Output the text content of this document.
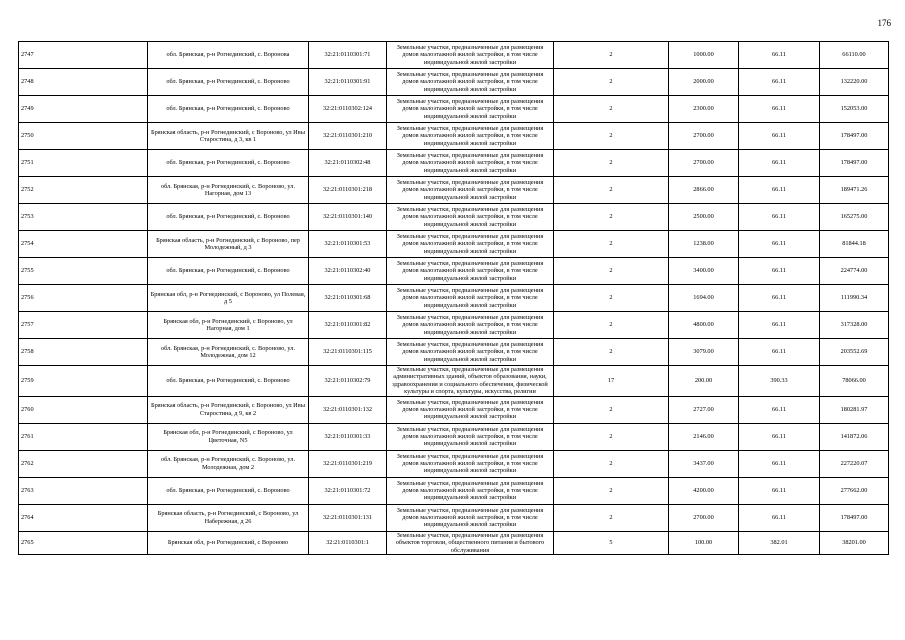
176
2747	обл. Брянская, р-н Рогнединский, с. Воронова	32:21:0110301:71	Земельные участки, предназначенные для размещения домов малоэтажной жилой застройки, в том числе индивидуальной жилой застройки	2	1000.00	66.11	66110.00
2748	обл. Брянская, р-н Рогнединский, с. Вороново	32:21:0110301:91	Земельные участки, предназначенные для размещения домов малоэтажной жилой застройки, в том числе индивидуальной жилой застройки	2	2000.00	66.11	132220.00
2749	обл. Брянская, р-н Рогнединский, с. Вороново	32:21:0110302:124	Земельные участки, предназначенные для размещения домов малоэтажной жилой застройки, в том числе индивидуальной жилой застройки	2	2300.00	66.11	152053.00
2750	Брянская область, р-н Рогнединский, с Вороново, ул Ивы Старостина, д 3, кв 1	32:21:0110301:210	Земельные участки, предназначенные для размещения домов малоэтажной жилой застройки, в том числе индивидуальной жилой застройки	2	2700.00	66.11	178497.00
2751	обл. Брянская, р-н Рогнединский, с. Вороново	32:21:0110302:48	Земельные участки, предназначенные для размещения домов малоэтажной жилой застройки, в том числе индивидуальной жилой застройки	2	2700.00	66.11	178497.00
2752	обл. Брянская, р-н Рогнединский, с. Вороново, ул. Нагорная, дом 13	32:21:0110301:218	Земельные участки, предназначенные для размещения домов малоэтажной жилой застройки, в том числе индивидуальной жилой застройки	2	2866.00	66.11	189471.26
2753	обл. Брянская, р-н Рогнединский, с. Вороново	32:21:0110301:140	Земельные участки, предназначенные для размещения домов малоэтажной жилой застройки, в том числе индивидуальной жилой застройки	2	2500.00	66.11	165275.00
2754	Брянская область, р-н Рогнединский, с Вороново, пер Молодежный, д 3	32:21:0110301:53	Земельные участки, предназначенные для размещения домов малоэтажной жилой застройки, в том числе индивидуальной жилой застройки	2	1238.00	66.11	81844.18
2755	обл. Брянская, р-н Рогнединский, с. Вороново	32:21:0110302:40	Земельные участки, предназначенные для размещения домов малоэтажной жилой застройки, в том числе индивидуальной жилой застройки	2	3400.00	66.11	224774.00
2756	Брянская обл, р-н Рогнединский, с Вороново, ул Полевая, д 5	32:21:0110301:68	Земельные участки, предназначенные для размещения домов малоэтажной жилой застройки, в том числе индивидуальной жилой застройки	2	1694.00	66.11	111990.34
2757	Брянская обл, р-н Рогнединский, с Вороново, ул Нагорная, дом 1	32:21:0110301:82	Земельные участки, предназначенные для размещения домов малоэтажной жилой застройки, в том числе индивидуальной жилой застройки	2	4800.00	66.11	317328.00
2758	обл. Брянская, р-н Рогнединский, с. Вороново, ул. Молодежная, дом 12	32:21:0110301:115	Земельные участки, предназначенные для размещения домов малоэтажной жилой застройки, в том числе индивидуальной жилой застройки	2	3079.00	66.11	203552.69
2759	обл. Брянская, р-н Рогнединский, с. Вороново	32:21:0110302:79	Земельные участки, предназначенные для размещения административных зданий, объектов образования, науки, здравоохранения и социального обеспечения, физической культуры и спорта, культуры, искусства, религии	17	200.00	390.33	78066.00
2760	Брянская область, р-н Рогнединский, с Вороново, ул Ивы Старостина, д 9, кв 2	32:21:0110301:132	Земельные участки, предназначенные для размещения домов малоэтажной жилой застройки, в том числе индивидуальной жилой застройки	2	2727.00	66.11	180281.97
2761	Брянская обл, р-н Рогнединский, с Вороново, ул Цветочная, N5	32:21:0110301:33	Земельные участки, предназначенные для размещения домов малоэтажной жилой застройки, в том числе индивидуальной жилой застройки	2	2146.00	66.11	141872.06
2762	обл. Брянская, р-н Рогнединский, с. Вороново, ул. Молодежная, дом 2	32:21:0110301:219	Земельные участки, предназначенные для размещения домов малоэтажной жилой застройки, в том числе индивидуальной жилой застройки	2	3437.00	66.11	227220.07
2763	обл. Брянская, р-н Рогнединский, с. Вороново	32:21:0110301:72	Земельные участки, предназначенные для размещения домов малоэтажной жилой застройки, в том числе индивидуальной жилой застройки	2	4200.00	66.11	277662.00
2764	Брянская область, р-н Рогнединский, с Вороново, ул Набережная, д 26	32:21:0110301:131	Земельные участки, предназначенные для размещения домов малоэтажной жилой застройки, в том числе индивидуальной жилой застройки	2	2700.00	66.11	178497.00
2765	Брянская обл, р-н Рогнединский, с Вороново	32:21:0110301:1	Земельные участки, предназначенные для размещения объектов торговли, общественного питания и бытового обслуживания	5	100.00	382.01	38201.00
